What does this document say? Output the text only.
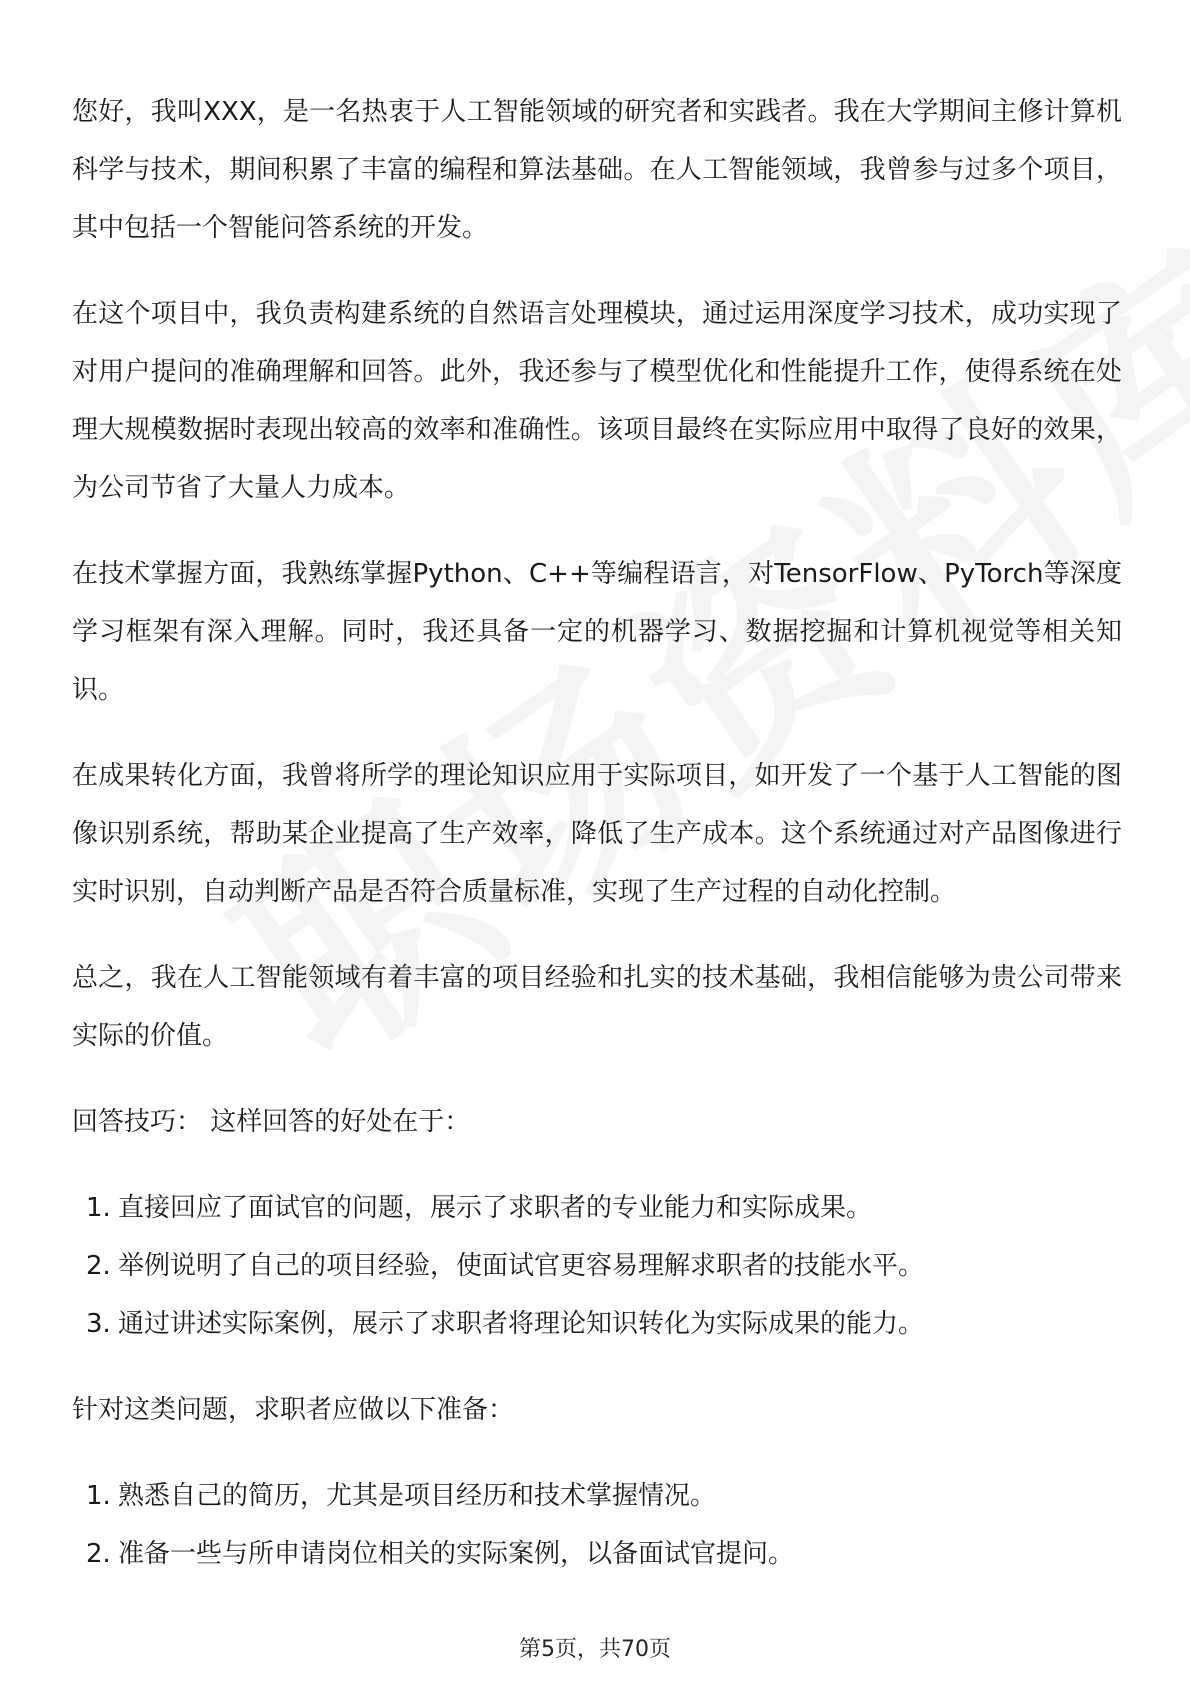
您好，我叫XXX，是一名热衷于人工智能领域的研究者和实践者。我在大学期间主修计算机科学与技术，期间积累了丰富的编程和算法基础。在人工智能领域，我曾参与过多个项目，其中包括一个智能问答系统的开发。

在这个项目中，我负责构建系统的自然语言处理模块，通过运用深度学习技术，成功实现了对用户提问的准确理解和回答。此外，我还参与了模型优化和性能提升工作，使得系统在处理大规模数据时表现出较高的效率和准确性。该项目最终在实际应用中取得了良好的效果，为公司节省了大量人力成本。

在技术掌握方面，我熟练掌握Python、C++等编程语言，对TensorFlow、PyTorch等深度学习框架有深入理解。同时，我还具备一定的机器学习、数据挖掘和计算机视觉等相关知识。

在成果转化方面，我曾将所学的理论知识应用于实际项目，如开发了一个基于人工智能的图像识别系统，帮助某企业提高了生产效率，降低了生产成本。这个系统通过对产品图像进行实时识别，自动判断产品是否符合质量标准，实现了生产过程的自动化控制。

总之，我在人工智能领域有着丰富的项目经验和扎实的技术基础，我相信能够为贵公司带来实际的价值。

回答技巧： 这样回答的好处在于：

1. 直接回应了面试官的问题，展示了求职者的专业能力和实际成果。
2. 举例说明了自己的项目经验，使面试官更容易理解求职者的技能水平。
3. 通过讲述实际案例，展示了求职者将理论知识转化为实际成果的能力。

针对这类问题，求职者应做以下准备：

1. 熟悉自己的简历，尤其是项目经历和技术掌握情况。
2. 准备一些与所申请岗位相关的实际案例，以备面试官提问。
第5页，共70页
